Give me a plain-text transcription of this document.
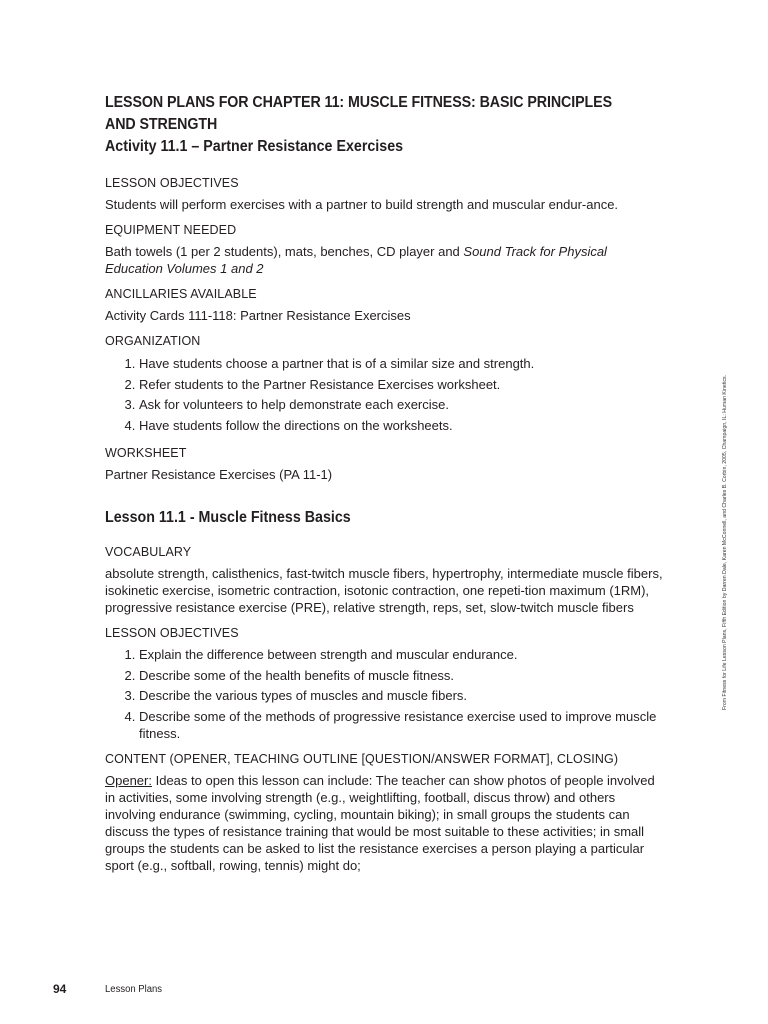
LESSON PLANS FOR CHAPTER 11: MUSCLE FITNESS: BASIC PRINCIPLES
AND STRENGTH
Activity 11.1 – Partner Resistance Exercises
LESSON OBJECTIVES

Students will perform exercises with a partner to build strength and muscular endur-ance.

EQUIPMENT NEEDED

Bath towels (1 per 2 students), mats, benches, CD player and Sound Track for Physical Education Volumes 1 and 2

ANCILLARIES AVAILABLE

Activity Cards 111-118: Partner Resistance Exercises

ORGANIZATION
1. Have students choose a partner that is of a similar size and strength.
2. Refer students to the Partner Resistance Exercises worksheet.
3. Ask for volunteers to help demonstrate each exercise.
4. Have students follow the directions on the worksheets.
WORKSHEET

Partner Resistance Exercises (PA 11-1)

Lesson 11.1 - Muscle Fitness Basics
VOCABULARY

absolute strength, calisthenics, fast-twitch muscle fibers, hypertrophy, intermediate muscle fibers, isokinetic exercise, isometric contraction, isotonic contraction, one repeti-tion maximum (1RM), progressive resistance exercise (PRE), relative strength, reps, set, slow-twitch muscle fibers

LESSON OBJECTIVES
1. Explain the difference between strength and muscular endurance.
2. Describe some of the health benefits of muscle fitness.
3. Describe the various types of muscles and muscle fibers.
4. Describe some of the methods of progressive resistance exercise used to improve muscle fitness.
CONTENT (OPENER, TEACHING OUTLINE [QUESTION/ANSWER FORMAT], CLOSING)

Opener: Ideas to open this lesson can include: The teacher can show photos of people involved in activities, some involving strength (e.g., weightlifting, football, discus throw) and others involving endurance (swimming, cycling, mountain biking); in small groups the students can discuss the types of resistance training that would be most suitable to these activities; in small groups the students can be asked to list the resistance exercises a person playing a particular sport (e.g., softball, rowing, tennis) might do;

From Fitness for Life Lesson Plans, Fifth Edition by Darren Dale, Karen McConnell, and Charles B. Corbin, 2005, Champaign, IL: Human Kinetics.
94	Lesson Plans
